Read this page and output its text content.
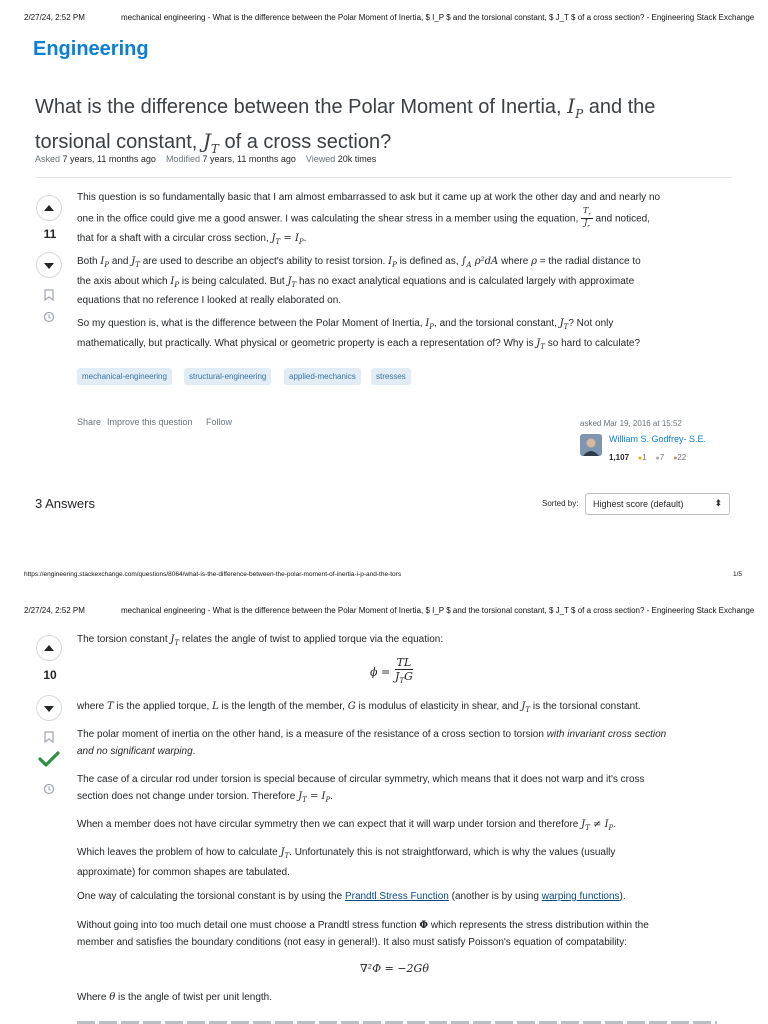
2/27/24, 2:52 PM	mechanical engineering - What is the difference between the Polar Moment of Inertia, $ I_P $ and the torsional constant, $ J_T $ of a cross section? - Engineering Stack Exchange
Engineering
What is the difference between the Polar Moment of Inertia, $I_P$ and the
torsional constant, $J_T$ of a cross section?
Asked 7 years, 11 months ago Modified 7 years, 11 months ago Viewed 20k times
11
This question is so fundamentally basic that I am almost embarrassed to ask but it came up at work the other day and and nearly no
one in the office could give me a good answer. I was calculating the shear stress in a member using the equation, $\frac{T_r}{J_r}$ and noticed,
that for a shaft with a circular cross section, $J_T = I_P$.
Both $I_P$ and $J_T$ are used to describe an object's ability to resist torsion. $I_P$ is defined as, $\int_A$ ρ²dA where ρ = the radial distance to
the axis about which $I_P$ is being calculated. But $J_T$ has no exact analytical equations and is calculated largely with approximate
equations that no reference I looked at really elaborated on.
So my question is, what is the difference between the Polar Moment of Inertia, $I_P$, and the torsional constant, $J_T$? Not only
mathematically, but practically. What physical or geometric property is each a representation of? Why is $J_T$ so hard to calculate?
mechanical-engineering	structural-engineering	applied-mechanics	stresses
Share Improve this question Follow	asked Mar 19, 2016 at 15:52
William S. Godfrey- S.E.
1,107 ●1 ●7 ●22
3 Answers	Sorted by: Highest score (default)	⬍
https://engineering.stackexchange.com/questions/8064/what-is-the-difference-between-the-polar-moment-of-inertia-i-p-and-the-tors	1/5
2/27/24, 2:52 PM	mechanical engineering - What is the difference between the Polar Moment of Inertia, $ I_P $ and the torsional constant, $ J_T $ of a cross section? - Engineering Stack Exchange
10
The torsion constant $J_T$ relates the angle of twist to applied torque via the equation:
$\phi = \frac{TL}{J_TG}$
where T is the applied torque, L is the length of the member, G is modulus of elasticity in shear, and $J_T$ is the torsional constant.
The polar moment of inertia on the other hand, is a measure of the resistance of a cross section to torsion with invariant cross section
and no significant warping.
The case of a circular rod under torsion is special because of circular symmetry, which means that it does not warp and it's cross
section does not change under torsion. Therefore $J_T = I_P$.
When a member does not have circular symmetry then we can expect that it will warp under torsion and therefore $J_T \ne I_P$.
Which leaves the problem of how to calculate $J_T$. Unfortunately this is not straightforward, which is why the values (usually
approximate) for common shapes are tabulated.
One way of calculating the torsional constant is by using the Prandtl Stress Function (another is by using warping functions).
Without going into too much detail one must choose a Prandtl stress function Φ which represents the stress distribution within the
member and satisfies the boundary conditions (not easy in general!). It also must satisfy Poisson's equation of compatability:
∇²Φ = −2Gθ
Where θ is the angle of twist per unit length.
